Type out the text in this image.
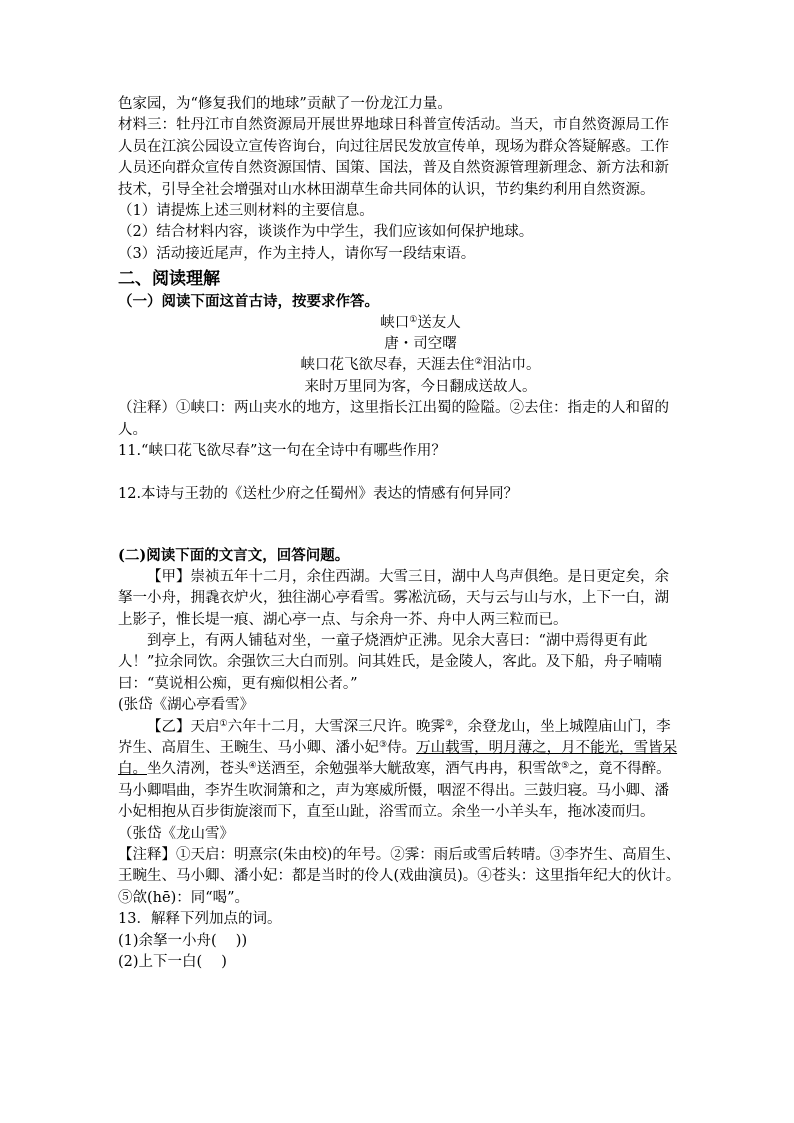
色家园，为“修复我们的地球”贡献了一份龙江力量。

材料三：牡丹江市自然资源局开展世界地球日科普宣传活动。当天，市自然资源局工作人员在江滨公园设立宣传咨询台，向过往居民发放宣传单，现场为群众答疑解惑。工作人员还向群众宣传自然资源国情、国策、国法，普及自然资源管理新理念、新方法和新技术，引导全社会增强对山水林田湖草生命共同体的认识，节约集约利用自然资源。

（1）请提炼上述三则材料的主要信息。

（2）结合材料内容，谈谈作为中学生，我们应该如何保护地球。

（3）活动接近尾声，作为主持人，请你写一段结束语。

二、阅读理解

（一）阅读下面这首古诗，按要求作答。

峡口①送友人

唐・司空曙

峡口花飞欲尽春，天涯去住②泪沾巾。

来时万里同为客，今日翻成送故人。

（注释）①峡口：两山夹水的地方，这里指长江出蜀的险隘。②去住：指走的人和留的人。

11.“峡口花飞欲尽春”这一句在全诗中有哪些作用？

12.本诗与王勃的《送杜少府之任蜀州》表达的情感有何异同？

(二)阅读下面的文言文，回答问题。

【甲】崇祯五年十二月，余住西湖。大雪三日，湖中人鸟声俱绝。是日更定矣，余拏一小舟，拥毳衣炉火，独往湖心亭看雪。雾凇沆砀，天与云与山与水，上下一白，湖上影子，惟长堤一痕、湖心亭一点、与余舟一芥、舟中人两三粒而已。

到亭上，有两人铺毡对坐，一童子烧酒炉正沸。见余大喜曰：“湖中焉得更有此人！”拉余同饮。余强饮三大白而别。问其姓氏，是金陵人，客此。及下船，舟子喃喃曰：“莫说相公痴，更有痴似相公者。”

(张岱《湖心亭看雪》

【乙】天启①六年十二月，大雪深三尺许。晚霁②，余登龙山，坐上城隍庙山门，李岕生、高眉生、王畹生、马小卿、潘小妃③侍。万山载雪，明月薄之，月不能光，雪皆呆白。坐久清冽，苍头④送酒至，余勉强举大觥敌寒，酒气冉冉，积雪欱⑤之，竟不得醉。马小卿唱曲，李岕生吹洞箫和之，声为寒威所慑，咽涩不得出。三鼓归寝。马小卿、潘小妃相抱从百步街旋滚而下，直至山趾，浴雪而立。余坐一小羊头车，拖冰凌而归。

（张岱《龙山雪》

【注释】①天启：明熹宗(朱由校)的年号。②霁：雨后或雪后转晴。③李岕生、高眉生、王畹生、马小卿、潘小妃：都是当时的伶人(戏曲演员)。④苍头：这里指年纪大的伙计。⑤欱(hē)：同“喝”。

13．解释下列加点的词。

(1)余拏一小舟(　 ))

(2)上下一白(　 )
